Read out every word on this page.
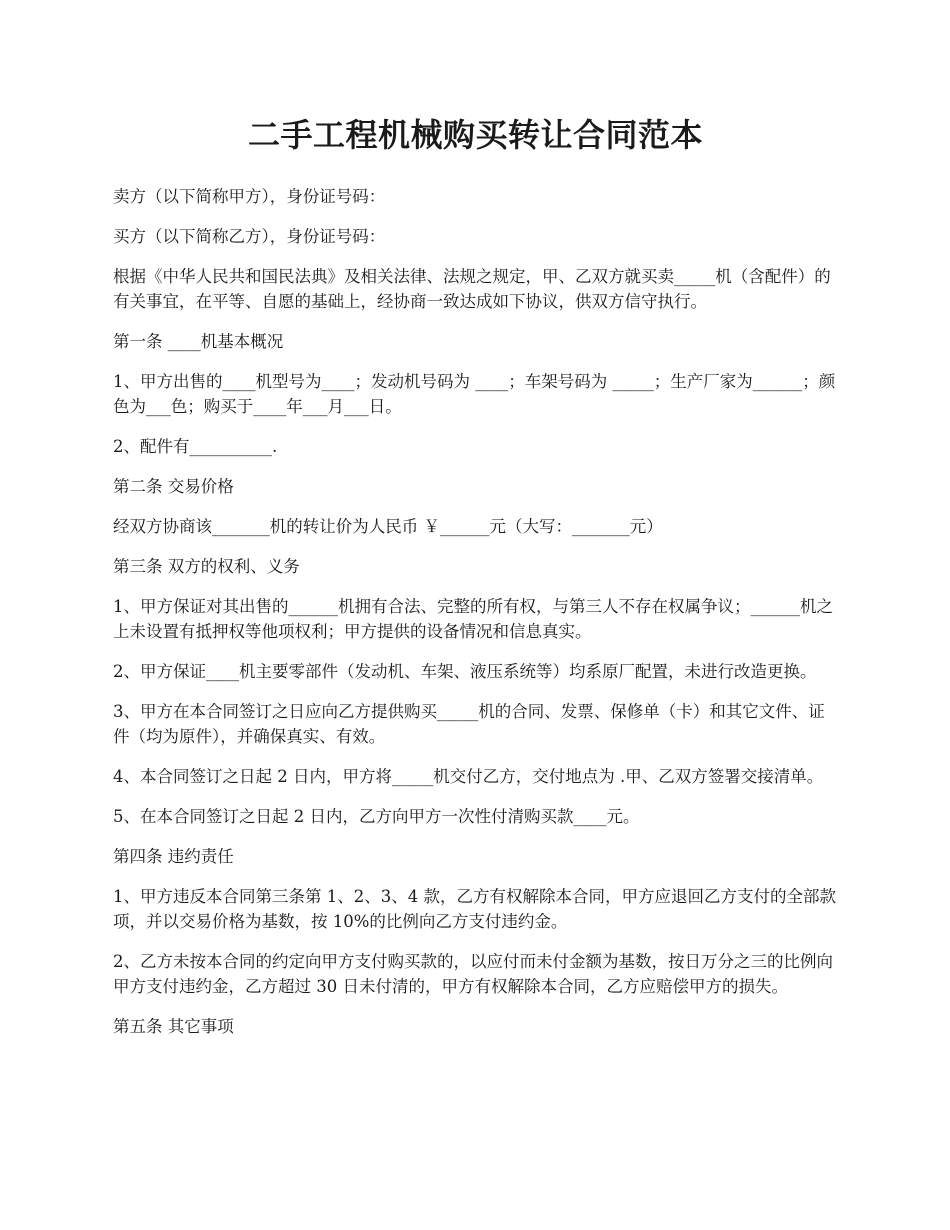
二手工程机械购买转让合同范本

卖方（以下简称甲方），身份证号码：

买方（以下简称乙方），身份证号码：

根据《中华人民共和国民法典》及相关法律、法规之规定，甲、乙双方就买卖_____机（含配件）的有关事宜，在平等、自愿的基础上，经协商一致达成如下协议，供双方信守执行。

第一条 ____机基本概况

1、甲方出售的____机型号为____；发动机号码为 ____；车架号码为 _____；生产厂家为______；颜色为___色；购买于____年___月___日。

2、配件有__________.

第二条 交易价格

经双方协商该_______机的转让价为人民币 ￥______元（大写：_______元）

第三条 双方的权利、义务

1、甲方保证对其出售的______机拥有合法、完整的所有权，与第三人不存在权属争议；______机之上未设置有抵押权等他项权利；甲方提供的设备情况和信息真实。

2、甲方保证____机主要零部件（发动机、车架、液压系统等）均系原厂配置，未进行改造更换。

3、甲方在本合同签订之日应向乙方提供购买_____机的合同、发票、保修单（卡）和其它文件、证件（均为原件），并确保真实、有效。

4、本合同签订之日起 2 日内，甲方将_____机交付乙方，交付地点为 .甲、乙双方签署交接清单。

5、在本合同签订之日起 2 日内，乙方向甲方一次性付清购买款____元。

第四条 违约责任

1、甲方违反本合同第三条第 1、2、3、4 款，乙方有权解除本合同，甲方应退回乙方支付的全部款项，并以交易价格为基数，按 10%的比例向乙方支付违约金。

2、乙方未按本合同的约定向甲方支付购买款的，以应付而未付金额为基数，按日万分之三的比例向甲方支付违约金，乙方超过 30 日未付清的，甲方有权解除本合同，乙方应赔偿甲方的损失。

第五条 其它事项
